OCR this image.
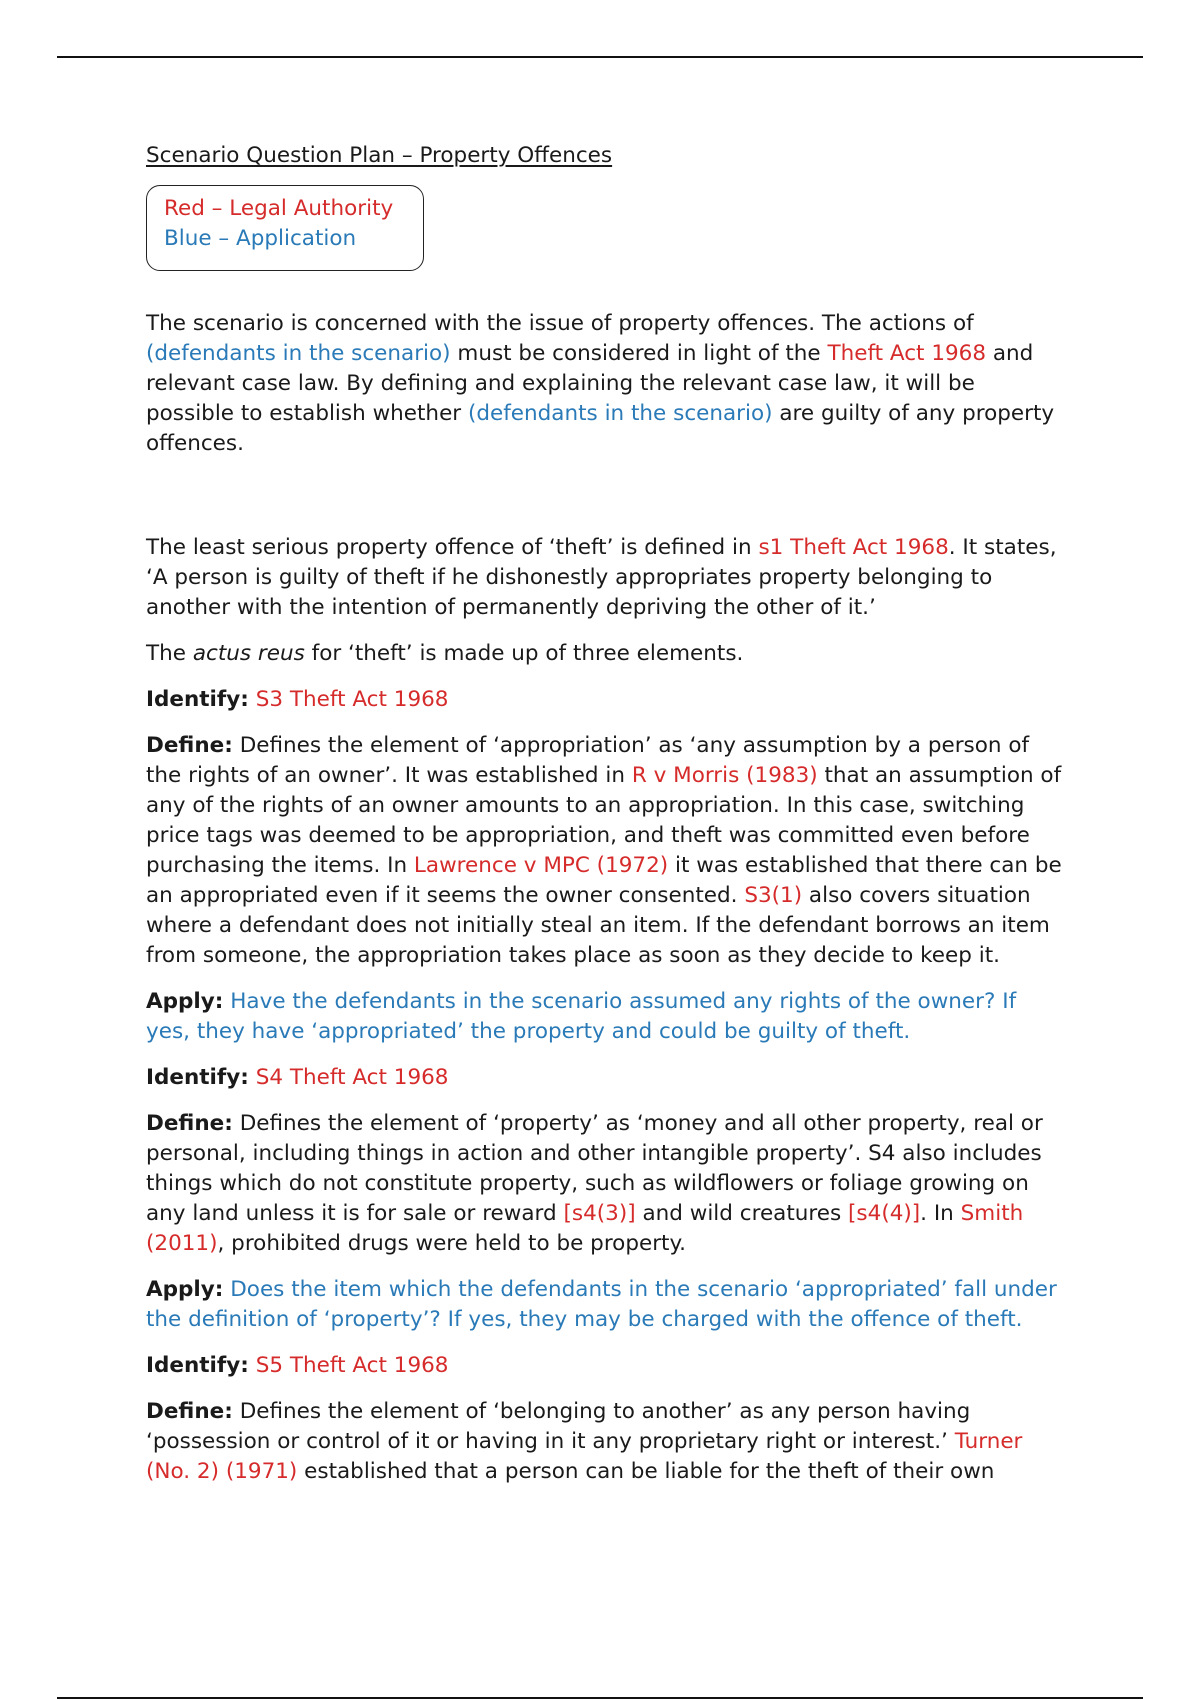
Scenario Question Plan – Property Offences
Red – Legal Authority
Blue – Application

The scenario is concerned with the issue of property offences. The actions of (defendants in the scenario) must be considered in light of the Theft Act 1968 and relevant case law. By defining and explaining the relevant case law, it will be possible to establish whether (defendants in the scenario) are guilty of any property offences.

The least serious property offence of ‘theft’ is defined in s1 Theft Act 1968. It states, ‘A person is guilty of theft if he dishonestly appropriates property belonging to another with the intention of permanently depriving the other of it.’

The actus reus for ‘theft’ is made up of three elements.

Identify: S3 Theft Act 1968

Define: Defines the element of ‘appropriation’ as ‘any assumption by a person of the rights of an owner’. It was established in R v Morris (1983) that an assumption of any of the rights of an owner amounts to an appropriation. In this case, switching price tags was deemed to be appropriation, and theft was committed even before purchasing the items. In Lawrence v MPC (1972) it was established that there can be an appropriated even if it seems the owner consented. S3(1) also covers situation where a defendant does not initially steal an item. If the defendant borrows an item from someone, the appropriation takes place as soon as they decide to keep it.

Apply: Have the defendants in the scenario assumed any rights of the owner? If yes, they have ‘appropriated’ the property and could be guilty of theft.

Identify: S4 Theft Act 1968

Define: Defines the element of ‘property’ as ‘money and all other property, real or personal, including things in action and other intangible property’. S4 also includes things which do not constitute property, such as wildflowers or foliage growing on any land unless it is for sale or reward [s4(3)] and wild creatures [s4(4)]. In Smith (2011), prohibited drugs were held to be property.

Apply: Does the item which the defendants in the scenario ‘appropriated’ fall under the definition of ‘property’? If yes, they may be charged with the offence of theft.

Identify: S5 Theft Act 1968

Define: Defines the element of ‘belonging to another’ as any person having ‘possession or control of it or having in it any proprietary right or interest.’ Turner (No. 2) (1971) established that a person can be liable for the theft of their own
